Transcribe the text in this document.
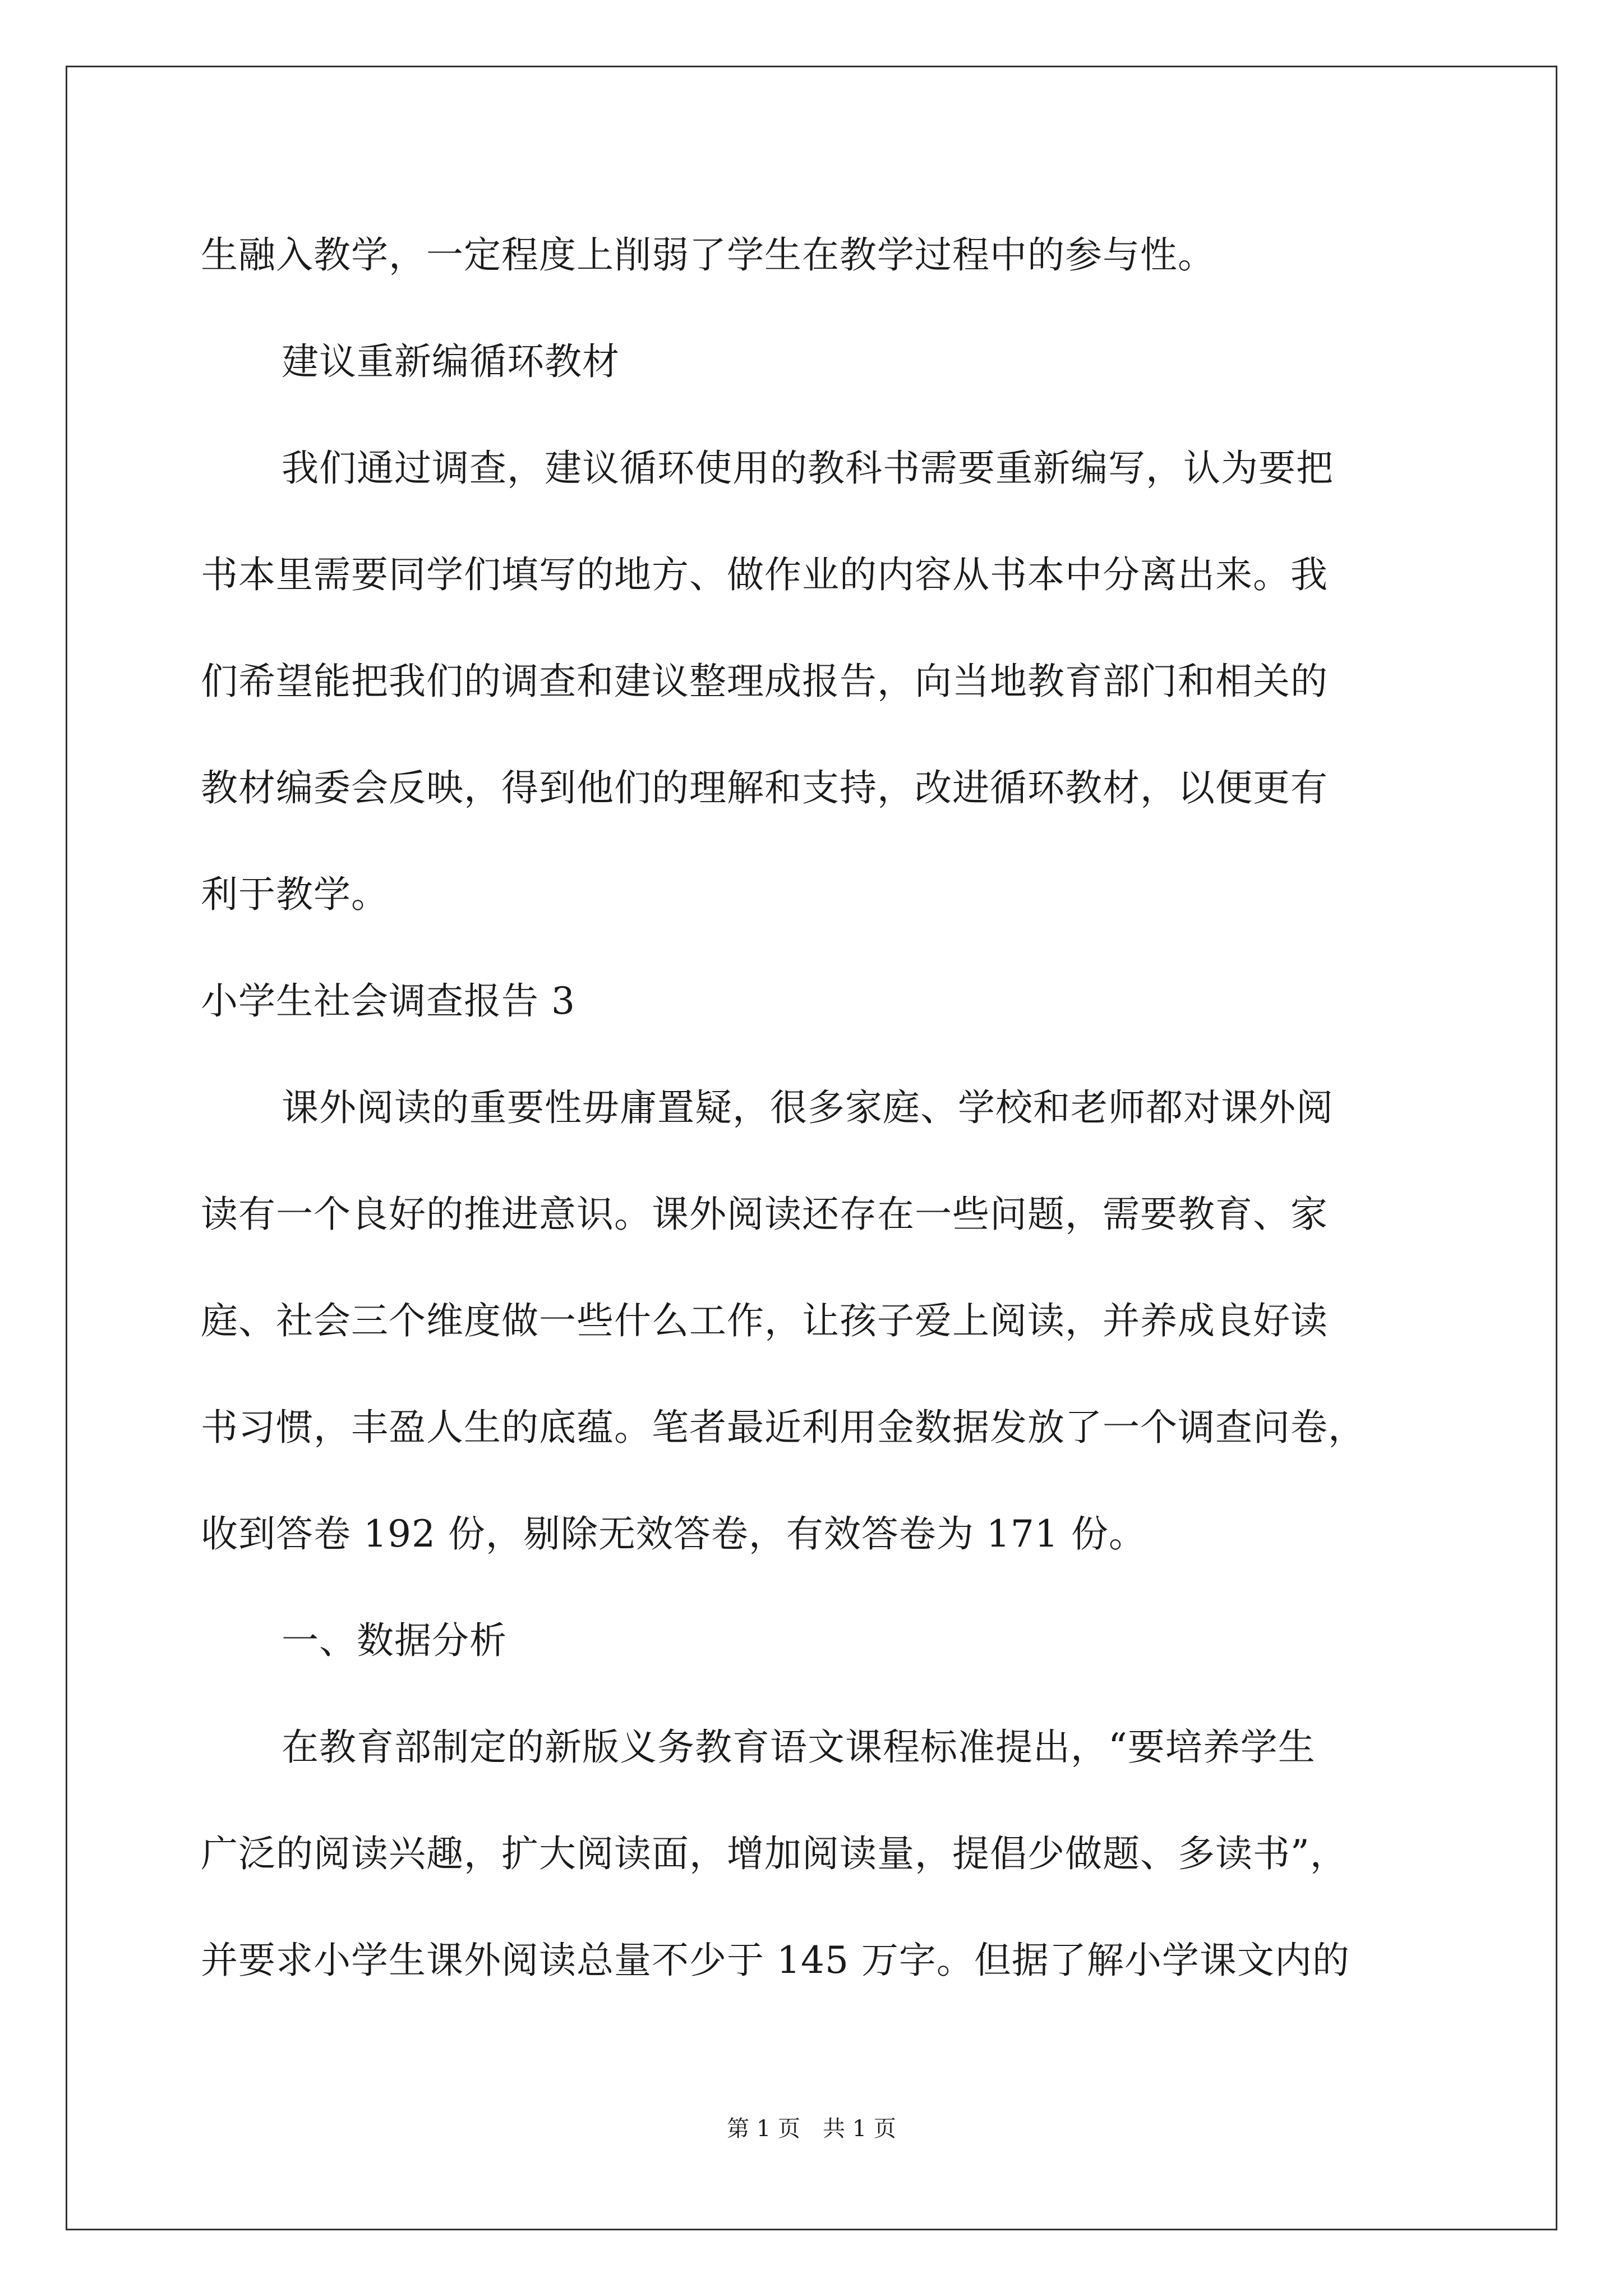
生融入教学，一定程度上削弱了学生在教学过程中的参与性。

建议重新编循环教材

我们通过调查，建议循环使用的教科书需要重新编写，认为要把

书本里需要同学们填写的地方、做作业的内容从书本中分离出来。我

们希望能把我们的调查和建议整理成报告，向当地教育部门和相关的

教材编委会反映，得到他们的理解和支持，改进循环教材，以便更有

利于教学。

小学生社会调查报告 3

课外阅读的重要性毋庸置疑，很多家庭、学校和老师都对课外阅

读有一个良好的推进意识。课外阅读还存在一些问题，需要教育、家

庭、社会三个维度做一些什么工作，让孩子爱上阅读，并养成良好读

书习惯，丰盈人生的底蕴。笔者最近利用金数据发放了一个调查问卷，

收到答卷 192 份，剔除无效答卷，有效答卷为 171 份。

一、数据分析

在教育部制定的新版义务教育语文课程标准提出，“要培养学生

广泛的阅读兴趣，扩大阅读面，增加阅读量，提倡少做题、多读书”，

并要求小学生课外阅读总量不少于 145 万字。但据了解小学课文内的

第 1 页　共 1 页
